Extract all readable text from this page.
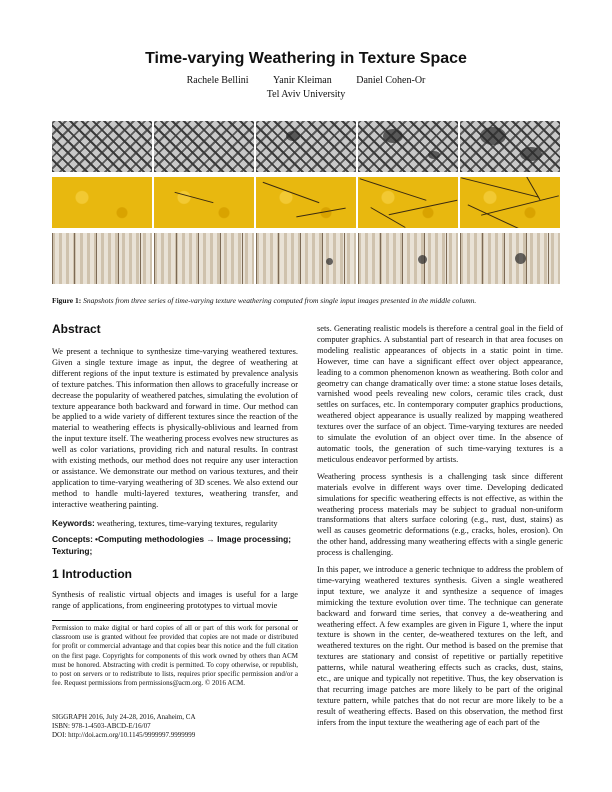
Time-varying Weathering in Texture Space
Rachele Bellini Yanir Kleiman Daniel Cohen-Or
Tel Aviv University
Figure 1: Snapshots from three series of time-varying texture weathering computed from single input images presented in the middle column.
Abstract

We present a technique to synthesize time-varying weathered textures. Given a single texture image as input, the degree of weathering at different regions of the input texture is estimated by prevalence analysis of texture patches. This information then allows to gracefully increase or decrease the popularity of weathered patches, simulating the evolution of texture appearance both backward and forward in time. Our method can be applied to a wide variety of different textures since the reaction of the material to weathering effects is physically-oblivious and learned from the input texture itself. The weathering process evolves new structures as well as color variations, providing rich and natural results. In contrast with existing methods, our method does not require any user interaction or assistance. We demonstrate our method on various textures, and their application to time-varying weathering of 3D scenes. We also extend our method to handle multi-layered textures, weathering transfer, and interactive weathering painting.

Keywords: weathering, textures, time-varying textures, regularity
Concepts: •Computing methodologies → Image processing; Texturing;
1 Introduction

Synthesis of realistic virtual objects and images is useful for a large range of applications, from engineering prototypes to virtual movie

Permission to make digital or hard copies of all or part of this work for personal or classroom use is granted without fee provided that copies are not made or distributed for profit or commercial advantage and that copies bear this notice and the full citation on the first page. Copyrights for components of this work owned by others than ACM must be honored. Abstracting with credit is permitted. To copy otherwise, or republish, to post on servers or to redistribute to lists, requires prior specific permission and/or a fee. Request permissions from permissions@acm.org. © 2016 ACM.
SIGGRAPH 2016, July 24-28, 2016, Anaheim, CA
ISBN: 978-1-4503-ABCD-E/16/07
DOI: http://doi.acm.org/10.1145/9999997.9999999

sets. Generating realistic models is therefore a central goal in the field of computer graphics. A substantial part of research in that area focuses on modeling realistic appearances of objects in a static point in time. However, time can have a significant effect over object appearance, leading to a common phenomenon known as weathering. Both color and geometry can change dramatically over time: a stone statue loses details, varnished wood peels revealing new colors, ceramic tiles crack, dust settles on surfaces, etc. In contemporary computer graphics productions, weathered object appearance is usually realized by mapping weathered textures over the surface of an object. Time-varying textures are needed to simulate the evolution of an object over time. In the absence of automatic tools, the generation of such time-varying textures is a meticulous endeavor performed by artists.

Weathering process synthesis is a challenging task since different materials evolve in different ways over time. Developing dedicated simulations for specific weathering effects is not effective, as within the weathering process materials may be subject to gradual non-uniform transformations that alters surface coloring (e.g., rust, dust, stains) as well as causes geometric deformations (e.g., cracks, holes, erosion). On the other hand, addressing many weathering effects with a single generic process is challenging.

In this paper, we introduce a generic technique to address the problem of time-varying weathered textures synthesis. Given a single weathered input texture, we analyze it and synthesize a sequence of images mimicking the texture evolution over time. The technique can generate backward and forward time series, that convey a de-weathering and weathering effect. A few examples are given in Figure 1, where the input texture is shown in the center, de-weathered textures on the left, and weathered textures on the right. Our method is based on the premise that textures are stationary and consist of repetitive or partially repetitive patterns, while natural weathering effects such as cracks, dust, stains, etc., are unique and typically not repetitive. Thus, the key observation is that recurring image patches are more likely to be part of the original texture pattern, while patches that do not recur are more likely to be a result of weathering effects. Based on this observation, the method first infers from the input texture the weathering age of each part of the
